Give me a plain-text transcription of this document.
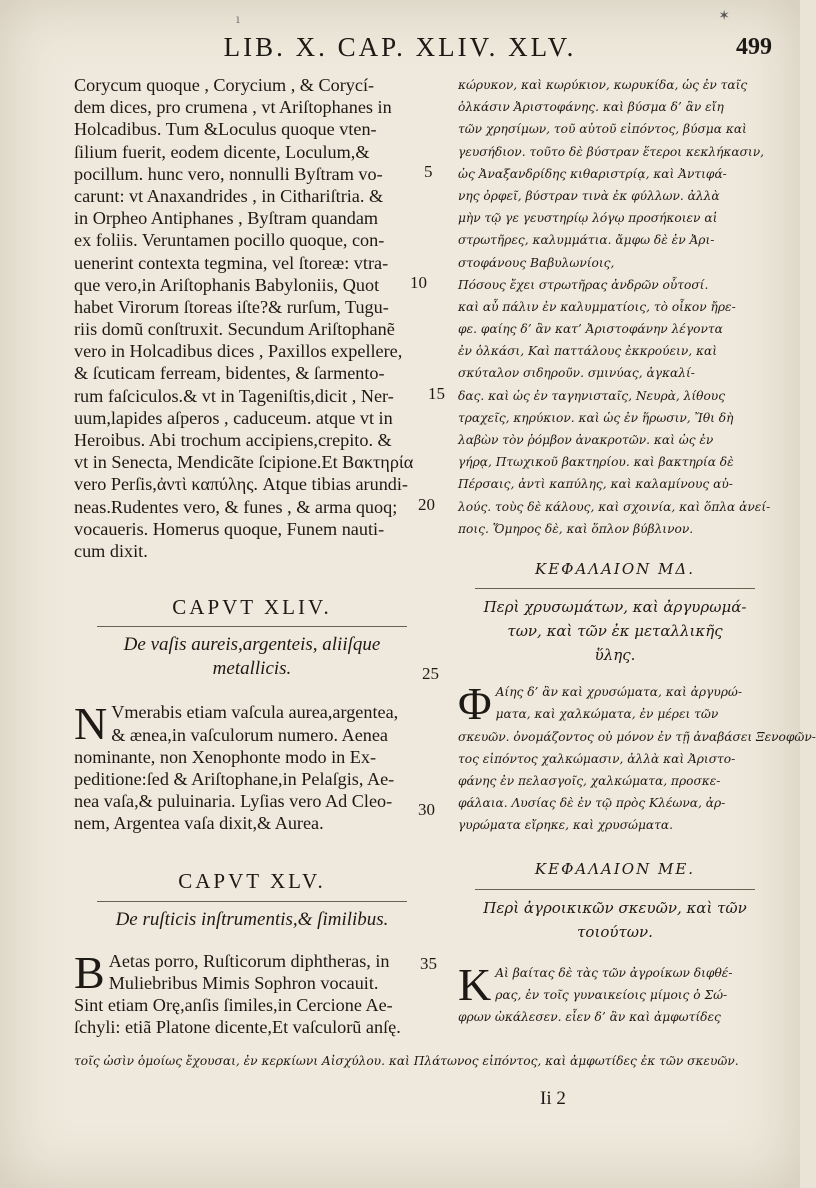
ı	✶
LIB. X. CAP. XLIV. XLV.	499
Corycum quoque , Corycium , & Corycí-
dem dices, pro crumena , vt Ariſtophanes in
Holcadibus. Tum &Loculus quoque vten-
ſilium fuerit, eodem dicente, Loculum,&
pocillum. hunc vero, nonnulli Byſtram vo-
carunt: vt Anaxandrides , in Cithariſtria. &
in Orpheo Antiphanes , Byſtram quandam
ex foliis. Veruntamen pocillo quoque, con-
uenerint contexta tegmina, vel ſtoreæ: vtra-
que vero,in Ariſtophanis Babyloniis, Quot
habet Virorum ſtoreas iſte?& rurſum, Tugu-
riis domũ conſtruxit. Secundum Ariſtophanẽ
vero in Holcadibus dices , Paxillos expellere,
& ſcuticam ferream, bidentes, & ſarmento-
rum faſciculos.& vt in Tageniſtis,dicit , Ner-
uum,lapides aſperos , caduceum. atque vt in
Heroibus. Abi trochum accipiens,crepito. &
vt in Senecta, Mendicãte ſcipione.Et Βακτηρία
vero Perſis,ἀντὶ καπύλης. Atque tibias arundi-
neas.Rudentes vero, & funes , & arma quoq;
vocaueris. Homerus quoque, Funem nauti-
cum dixit.
CAPVT XLIV.
De vaſis aureis,argenteis, aliiſque
metallicis.
N Vmerabis etiam vaſcula aurea,argentea,
& ænea,in vaſculorum numero. Aenea
nominante, non Xenophonte modo in Ex-
peditione:ſed & Ariſtophane,in Pelaſgis, Ae-
nea vaſa,& puluinaria. Lyſias vero Ad Cleo-
nem, Argentea vaſa dixit,& Aurea.
CAPVT XLV.
De ruſticis inſtrumentis,& ſimilibus.
B Aetas porro, Ruſticorum diphtheras, in
Muliebribus Mimis Sophron vocauit.
Sint etiam Orę,anſis ſimiles,in Cercione Ae-
ſchyli: etiã Platone dicente,Et vaſculorũ anſę.
5
10
15
20
25
30
35
κώρυκον, καὶ κωρύκιον, κωρυκίδα, ὡς ἐν ταῖς
ὁλκάσιν Ἀριστοφάνης. καὶ βύσμα δ’ ἂν εἴη
τῶν χρησίμων, τοῦ αὐτοῦ εἰπόντος, βύσμα καὶ
γευσήδιον. τοῦτο δὲ βύστραν ἕτεροι κεκλήκασιν,
ὡς Ἀναξανδρίδης κιθαριστρίᾳ, καὶ Ἀντιφά-
νης ὀρφεῖ, βύστραν τινὰ ἐκ φύλλων. ἀλλὰ
μὴν τῷ γε γευστηρίῳ λόγῳ προσήκοιεν αἱ
στρωτῆρες, καλυμμάτια. ἄμφω δὲ ἐν Ἀρι-
στοφάνους Βαβυλωνίοις,
Πόσους ἔχει στρωτῆρας ἀνδρῶν οὗτοσί.
καὶ αὖ πάλιν ἐν καλυμματίοις, τὸ οἶκον ἤρε-
φε. φαίης δ’ ἂν κατ’ Ἀριστοφάνην λέγοντα
ἐν ὁλκάσι, Καὶ παττάλους ἐκκρούειν, καὶ
σκύταλον σιδηροῦν. σμινύας, ἀγκαλί-
δας. καὶ ὡς ἐν ταγηνισταῖς, Νευρὰ, λίθους
τραχεῖς, κηρύκιον. καὶ ὡς ἐν ἥρωσιν, Ἴθι δὴ
λαβὼν τὸν ῥόμβον ἀνακροτῶν. καὶ ὡς ἐν
γήρᾳ, Πτωχικοῦ βακτηρίου. καὶ βακτηρία δὲ
Πέρσαις, ἀντὶ καπύλης, καὶ καλαμίνους αὐ-
λούς. τοὺς δὲ κάλους, καὶ σχοινία, καὶ ὅπλα ἀνεί-
ποις. Ὅμηρος δὲ, καὶ ὅπλον βύβλινον.
ΚΕΦΑΛΑΙΟΝ ΜΔ.
Περὶ χρυσωμάτων, καὶ ἀργυρωμά-
των, καὶ τῶν ἐκ μεταλλικῆς
ὕλης.
Φ Αίης δ’ ἂν καὶ χρυσώματα, καὶ ἀργυρώ-
ματα, καὶ χαλκώματα, ἐν μέρει τῶν
σκευῶν. ὀνομάζοντος οὐ μόνον ἐν τῇ ἀναβάσει Ξενοφῶν-
τος εἰπόντος χαλκώμασιν, ἀλλὰ καὶ Ἀριστο-
φάνης ἐν πελασγοῖς, χαλκώματα, προσκε-
φάλαια. Λυσίας δὲ ἐν τῷ πρὸς Κλέωνα, ἀρ-
γυρώματα εἴρηκε, καὶ χρυσώματα.
ΚΕΦΑΛΑΙΟΝ ΜΕ.
Περὶ ἀγροικικῶν σκευῶν, καὶ τῶν
τοιούτων.
Κ Αὶ βαίτας δὲ τὰς τῶν ἀγροίκων διφθέ-
ρας, ἐν τοῖς γυναικείοις μίμοις ὁ Σώ-
φρων ὠκάλεσεν. εἶεν δ’ ἂν καὶ ἀμφωτίδες
τοῖς ὠσὶν ὁμοίως ἔχουσαι, ἐν κερκίωνι Αἰσχύλου. καὶ Πλάτωνος εἰπόντος, καὶ ἀμφωτίδες ἐκ τῶν σκευῶν.
Ii 2
